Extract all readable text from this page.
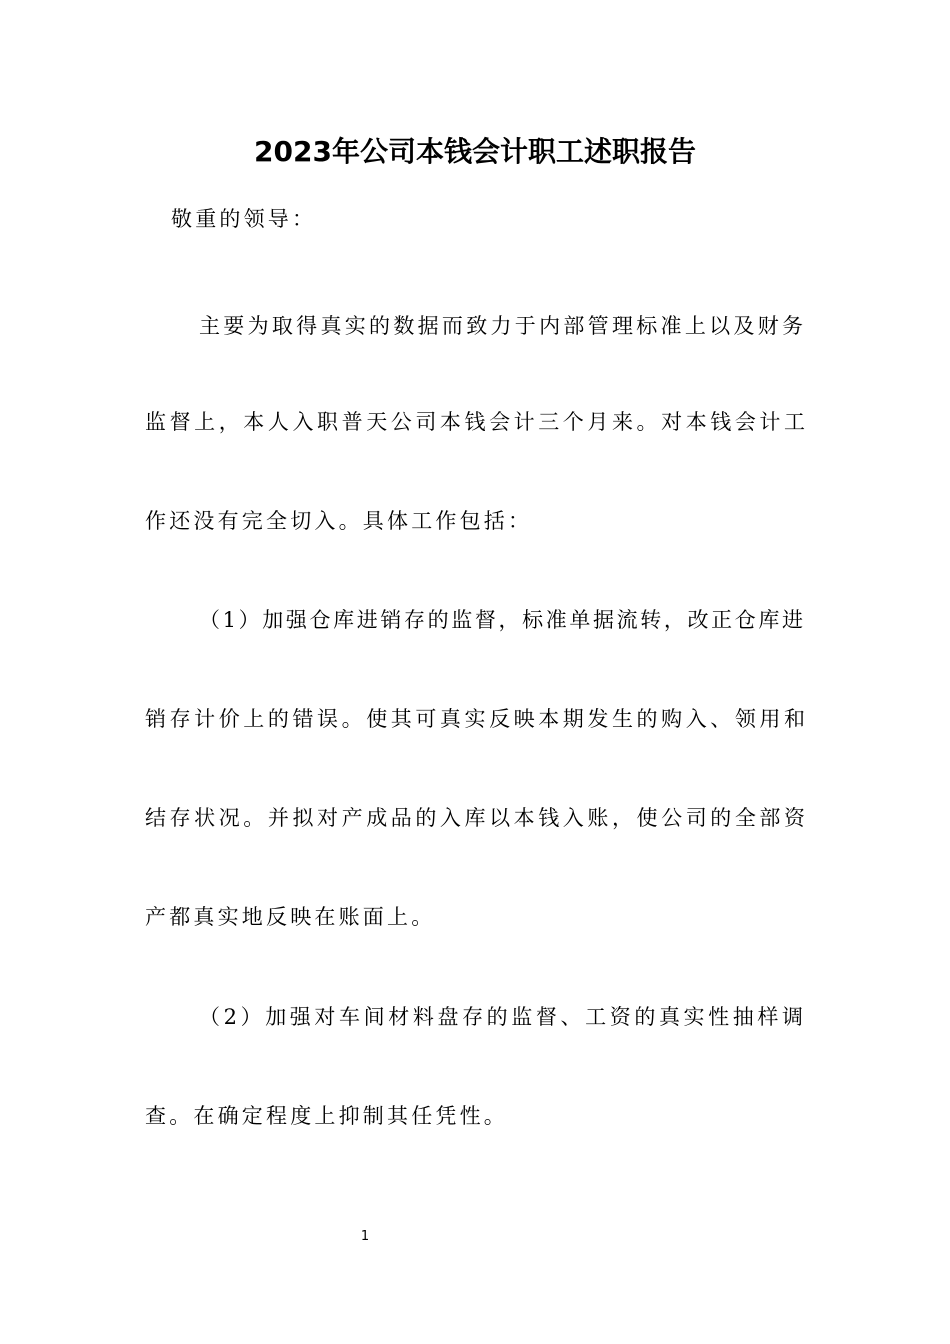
2023年公司本钱会计职工述职报告
敬重的领导：
主要为取得真实的数据而致力于内部管理标准上以及财务
监督上，本人入职普天公司本钱会计三个月来。对本钱会计工
作还没有完全切入。具体工作包括：
（1）加强仓库进销存的监督，标准单据流转，改正仓库进
销存计价上的错误。使其可真实反映本期发生的购入、领用和
结存状况。并拟对产成品的入库以本钱入账，使公司的全部资
产都真实地反映在账面上。
（2）加强对车间材料盘存的监督、工资的真实性抽样调
查。在确定程度上抑制其任凭性。
1
